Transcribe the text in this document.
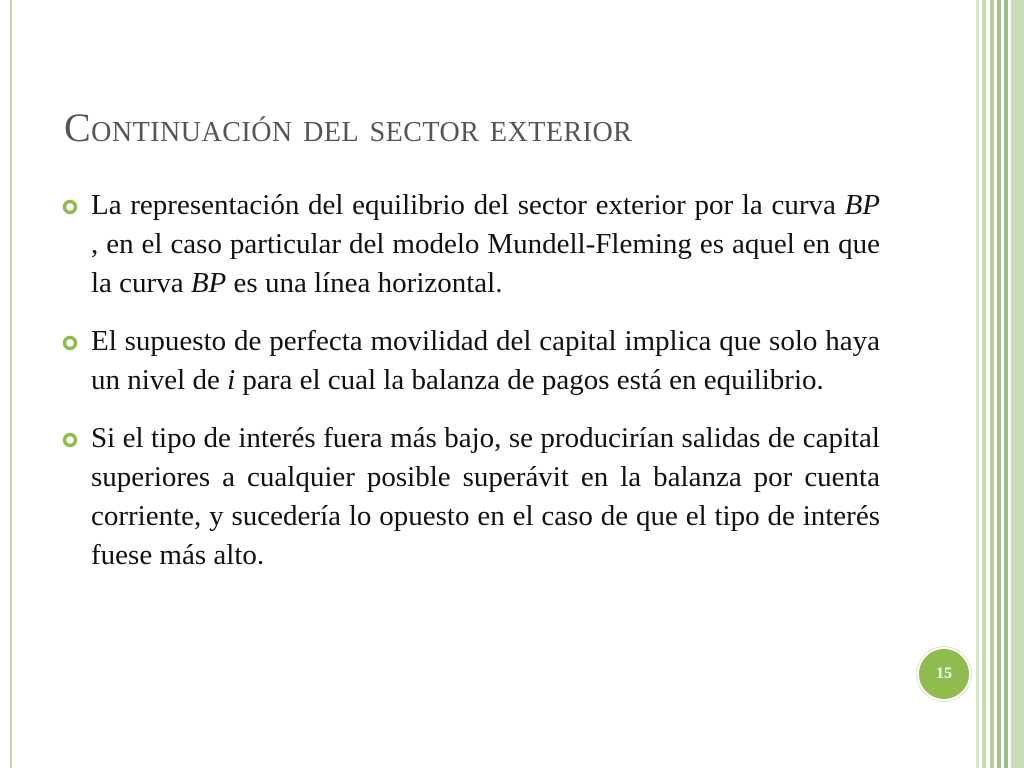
Continuación del sector exterior
La representación del equilibrio del sector exterior por la curva BP , en el caso particular del modelo Mundell-Fleming es aquel en que la curva BP es una línea horizontal.
El supuesto de perfecta movilidad del capital implica que solo haya un nivel de i para el cual la balanza de pagos está en equilibrio.
Si el tipo de interés fuera más bajo, se producirían salidas de capital superiores a cualquier posible superávit en la balanza por cuenta corriente, y sucedería lo opuesto en el caso de que el tipo de interés fuese más alto.
15
